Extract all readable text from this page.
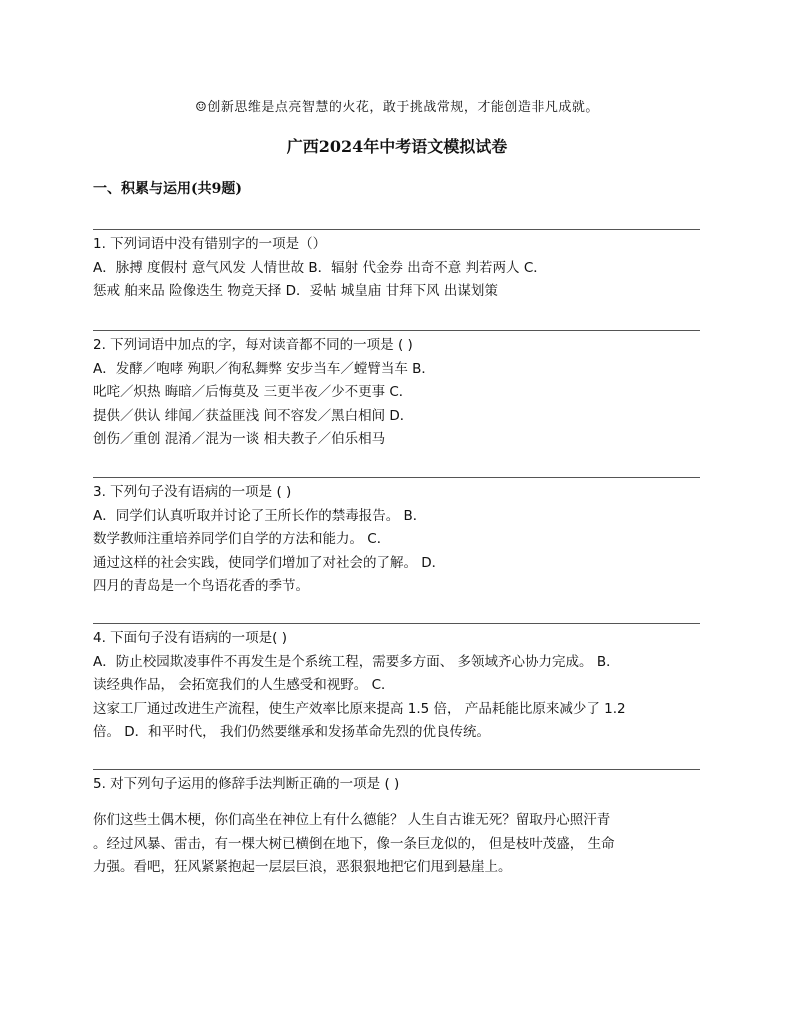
☺创新思维是点亮智慧的火花，敢于挑战常规，才能创造非凡成就。
广西2024年中考语文模拟试卷
一、积累与运用(共9题)
1. 下列词语中没有错别字的一项是（）
A．脉搏 度假村 意气风发 人情世故 B．辐射 代金券 出奇不意 判若两人 C．
惩戒 舶来品 险像迭生 物竞天择 D．妥帖 城皇庙 甘拜下风 出谋划策
2. 下列词语中加点的字，每对读音都不同的一项是 ( )
A．发酵／咆哮 殉职／徇私舞弊 安步当车／螳臂当车 B．
叱咤／炽热 晦暗／后悔莫及 三更半夜／少不更事 C．
提供／供认 绯闻／获益匪浅 间不容发／黑白相间 D．
创伤／重创 混淆／混为一谈 相夫教子／伯乐相马
3. 下列句子没有语病的一项是 ( )
A．同学们认真听取并讨论了王所长作的禁毒报告。 B．
数学教师注重培养同学们自学的方法和能力。 C．
通过这样的社会实践，使同学们增加了对社会的了解。 D．
四月的青岛是一个鸟语花香的季节。
4. 下面句子没有语病的一项是( )
A．防止校园欺凌事件不再发生是个系统工程，需要多方面、 多领域齐心协力完成。 B．
读经典作品， 会拓宽我们的人生感受和视野。 C．
这家工厂通过改进生产流程，使生产效率比原来提高 1.5 倍， 产品耗能比原来减少了 1.2
倍。 D．和平时代， 我们仍然要继承和发扬革命先烈的优良传统。
5. 对下列句子运用的修辞手法判断正确的一项是 ( )
你们这些土偶木梗，你们高坐在神位上有什么德能？ 人生自古谁无死？留取丹心照汗青
。经过风暴、雷击，有一棵大树已横倒在地下，像一条巨龙似的， 但是枝叶茂盛， 生命
力强。看吧，狂风紧紧抱起一层层巨浪，恶狠狠地把它们甩到悬崖上。
